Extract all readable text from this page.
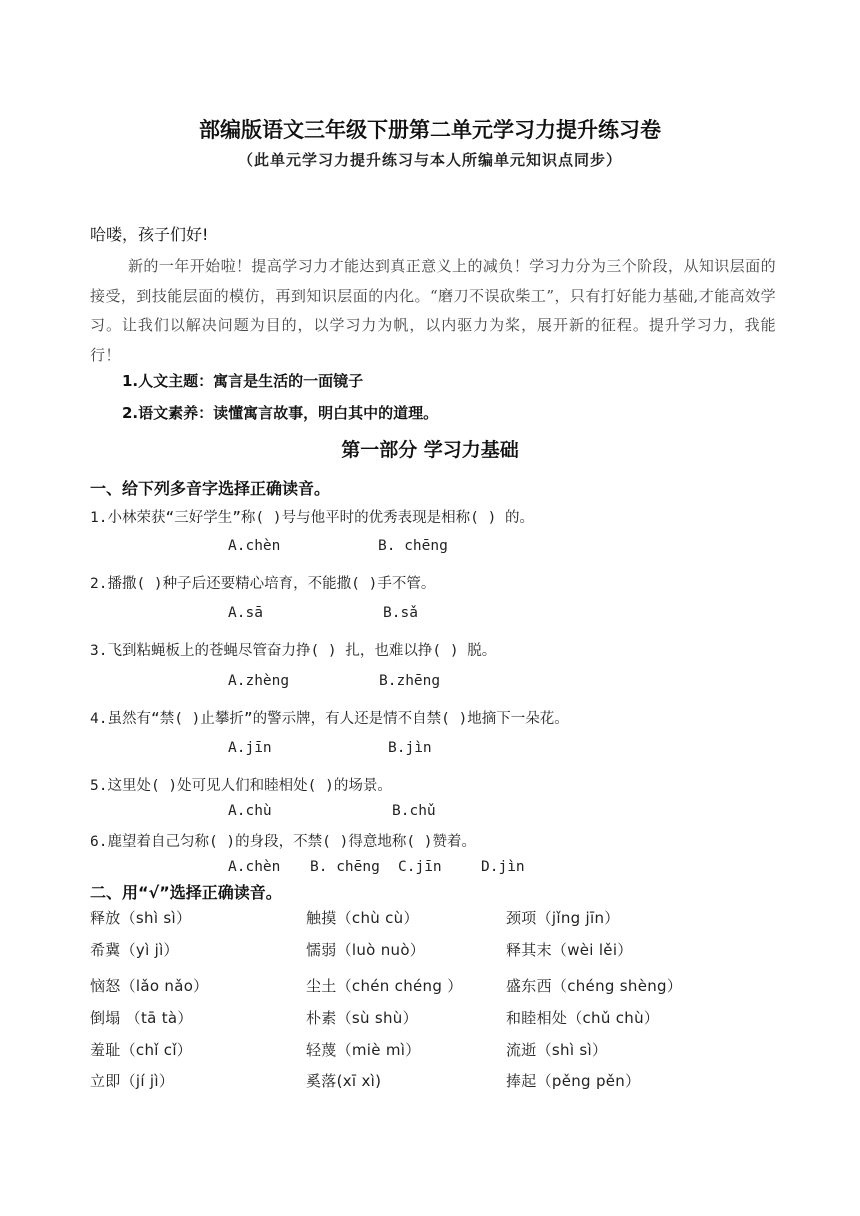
部编版语文三年级下册第二单元学习力提升练习卷
（此单元学习力提升练习与本人所编单元知识点同步）
哈喽，孩子们好!
新的一年开始啦！提高学习力才能达到真正意义上的减负！学习力分为三个阶段，从知识层面的接受，到技能层面的模仿，再到知识层面的内化。“磨刀不误砍柴工”，只有打好能力基础,才能高效学习。让我们以解决问题为目的，以学习力为帆，以内驱力为桨，展开新的征程。提升学习力，我能行！
1.人文主题：寓言是生活的一面镜子
2.语文素养：读懂寓言故事，明白其中的道理。
第一部分 学习力基础
一、给下列多音字选择正确读音。
1.小林荣获“三好学生”称( )号与他平时的优秀表现是相称( ) 的。
A.chèn	B. chēng
2.播撒( )种子后还要精心培育，不能撒( )手不管。
A.sā	B.sǎ
3.飞到粘蝇板上的苍蝇尽管奋力挣( ) 扎，也难以挣( ) 脱。
A.zhèng	B.zhēng
4.虽然有“禁( )止攀折”的警示牌，有人还是情不自禁( )地摘下一朵花。
A.jīn	B.jìn
5.这里处( )处可见人们和睦相处( )的场景。
A.chù	B.chǔ
6.鹿望着自己匀称( )的身段，不禁( )得意地称( )赞着。
A.chèn B. chēng C.jīn	D.jìn
二、用“√”选择正确读音。
释放（shì sì）	触摸（chù cù）	颈项（jǐng jīn）
希冀（yì jì）	懦弱（luò nuò）	释其末（wèi lěi）
恼怒（lǎo nǎo）	尘土（chén chéng ）	盛东西（chéng shèng）
倒塌 （tā tà）	朴素（sù shù）	和睦相处（chǔ chù）
羞耻（chǐ cǐ）	轻蔑（miè mì）	流逝（shì sì）
立即（jí jì）	奚落(xī xì)	捧起（pěng pěn）
